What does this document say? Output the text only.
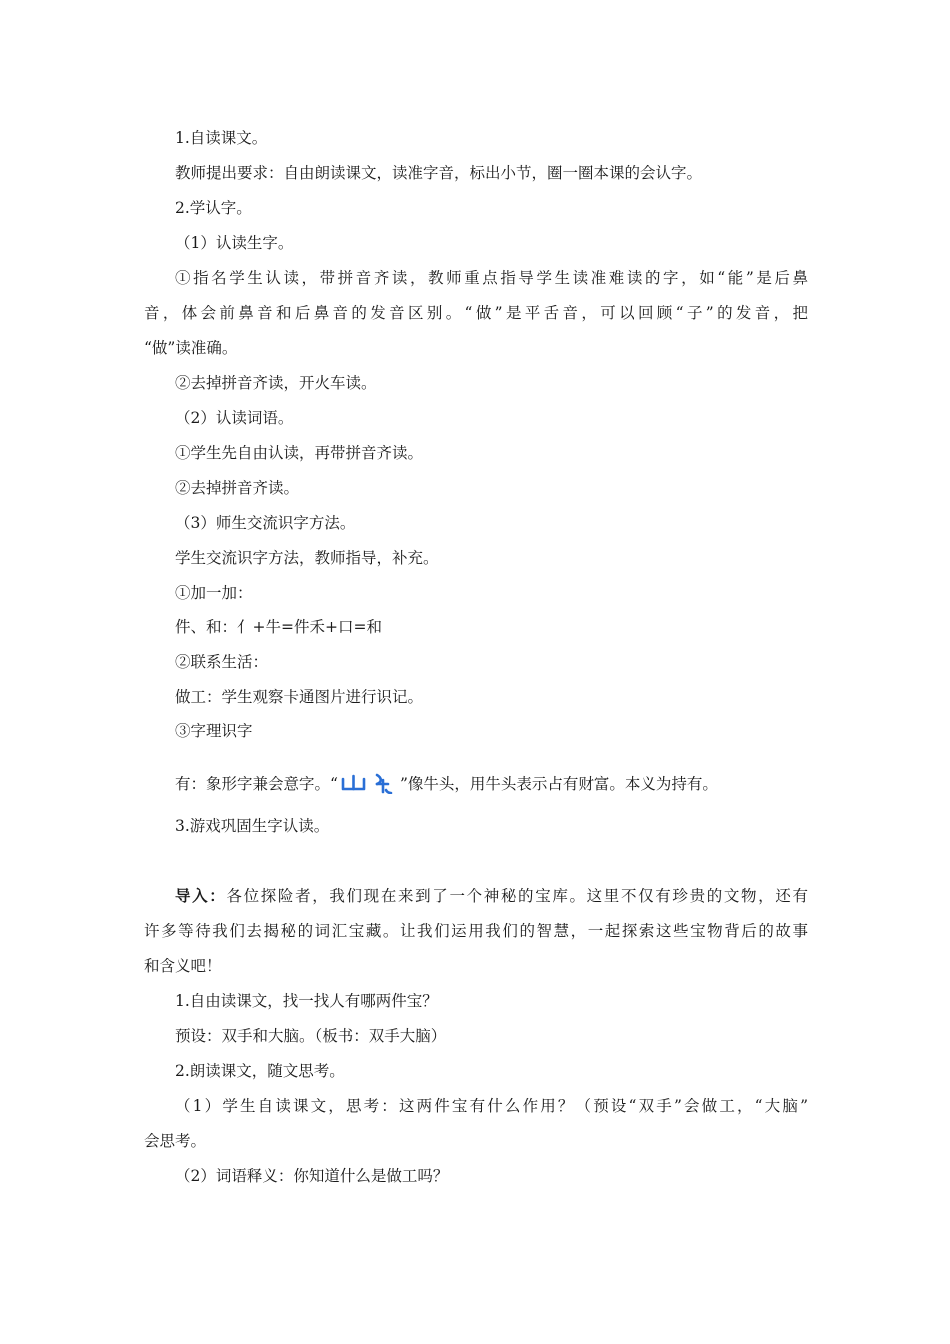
1.自读课文。
教师提出要求：自由朗读课文，读准字音，标出小节，圈一圈本课的会认字。
2.学认字。
（1）认读生字。
①指名学生认读，带拼音齐读，教师重点指导学生读准难读的字，如“能”是后鼻
音，体会前鼻音和后鼻音的发音区别。“做”是平舌音，可以回顾“子”的发音，把
“做”读准确。
②去掉拼音齐读，开火车读。
（2）认读词语。
①学生先自由认读，再带拼音齐读。
②去掉拼音齐读。
（3）师生交流识字方法。
学生交流识字方法，教师指导，补充。
①加一加：
件、和：亻+牛=件禾+口=和
②联系生活：
做工：学生观察卡通图片进行识记。
③字理识字
有：象形字兼会意字。“	”像牛头，用牛头表示占有财富。本义为持有。
3.游戏巩固生字认读。
导入：各位探险者，我们现在来到了一个神秘的宝库。这里不仅有珍贵的文物，还有
许多等待我们去揭秘的词汇宝藏。让我们运用我们的智慧，一起探索这些宝物背后的故事
和含义吧！
1.自由读课文，找一找人有哪两件宝？
预设：双手和大脑。（板书：双手大脑）
2.朗读课文，随文思考。
（1）学生自读课文，思考：这两件宝有什么作用？（预设“双手”会做工，“大脑”
会思考。
（2）词语释义：你知道什么是做工吗？
